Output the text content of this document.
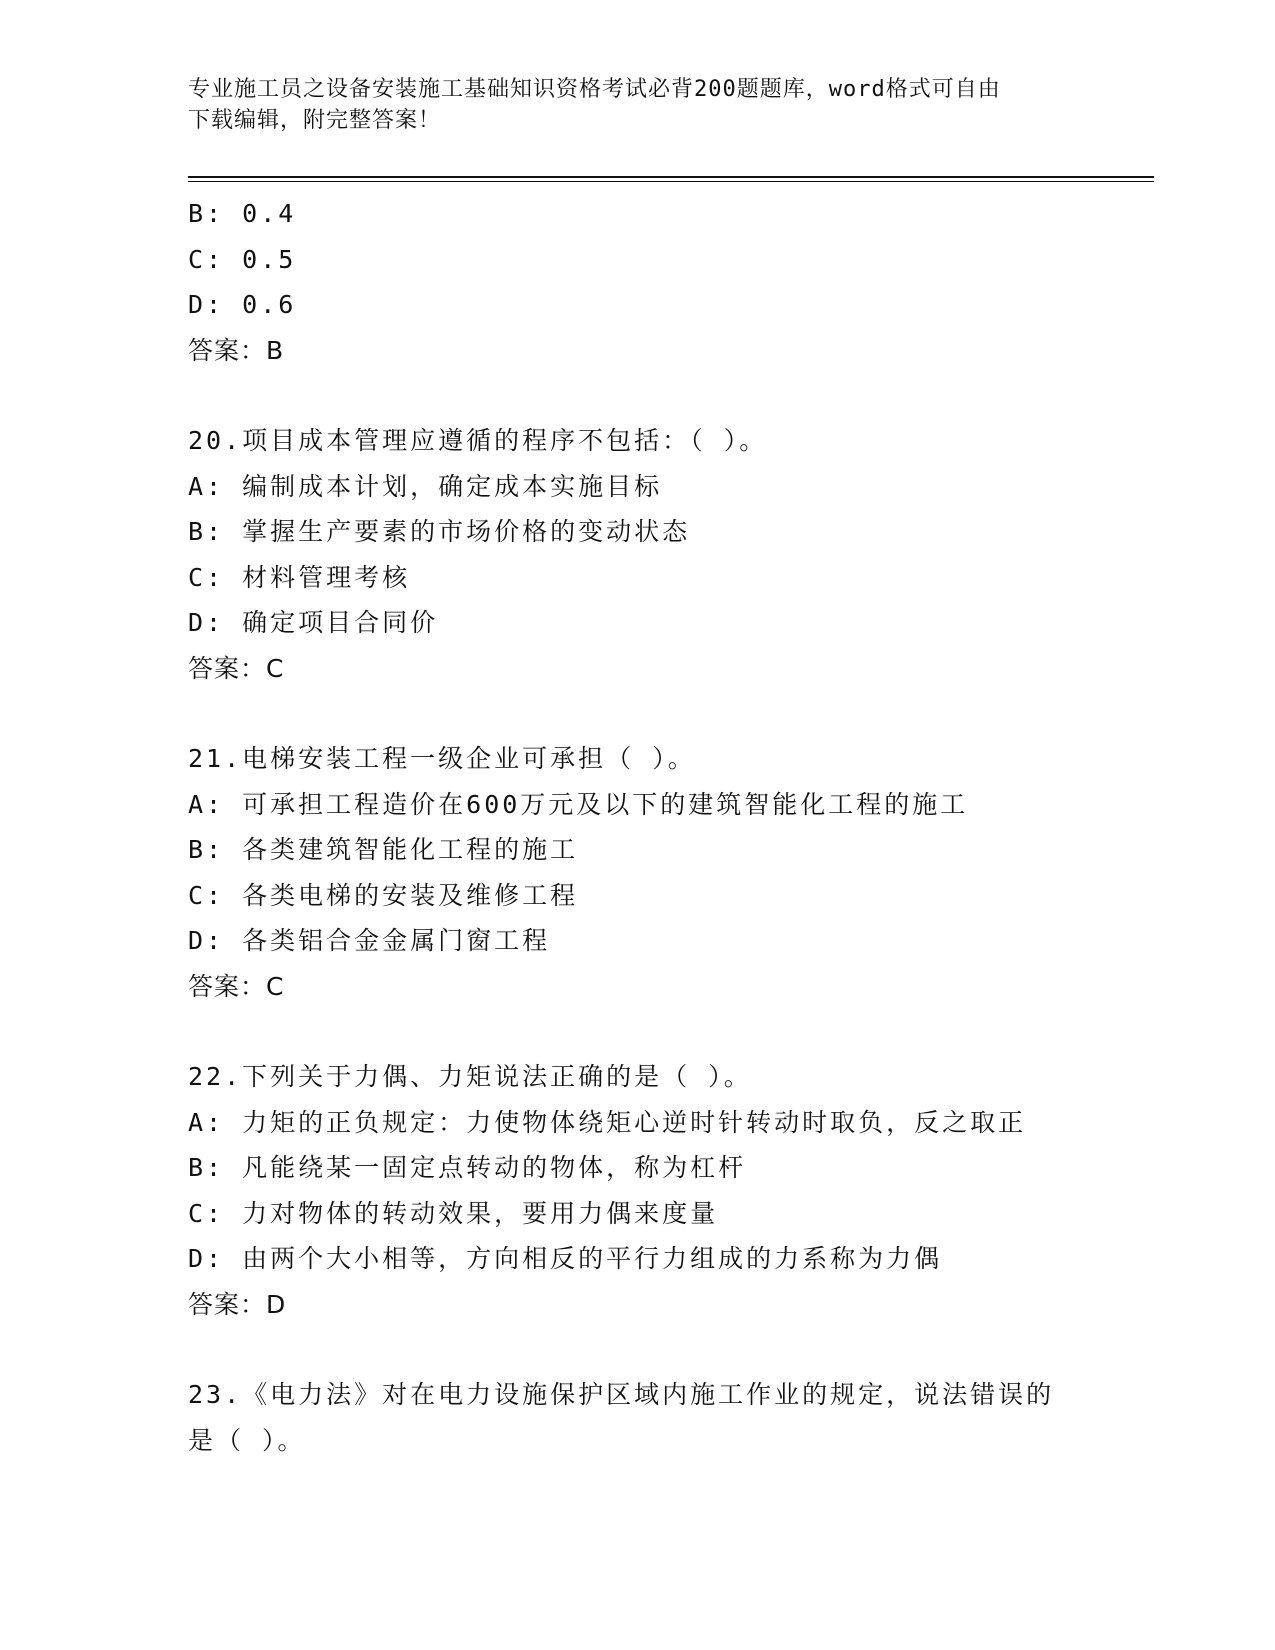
专业施工员之设备安装施工基础知识资格考试必背200题题库，word格式可自由
下载编辑，附完整答案！
B: 0.4
C: 0.5
D: 0.6
答案：B
20.项目成本管理应遵循的程序不包括：（ ）。
A: 编制成本计划，确定成本实施目标
B: 掌握生产要素的市场价格的变动状态
C: 材料管理考核
D: 确定项目合同价
答案：C
21.电梯安装工程一级企业可承担（ ）。
A: 可承担工程造价在600万元及以下的建筑智能化工程的施工
B: 各类建筑智能化工程的施工
C: 各类电梯的安装及维修工程
D: 各类铝合金金属门窗工程
答案：C
22.下列关于力偶、力矩说法正确的是（ ）。
A: 力矩的正负规定：力使物体绕矩心逆时针转动时取负，反之取正
B: 凡能绕某一固定点转动的物体，称为杠杆
C: 力对物体的转动效果，要用力偶来度量
D: 由两个大小相等，方向相反的平行力组成的力系称为力偶
答案：D
23.《电力法》对在电力设施保护区域内施工作业的规定，说法错误的
是（ ）。
